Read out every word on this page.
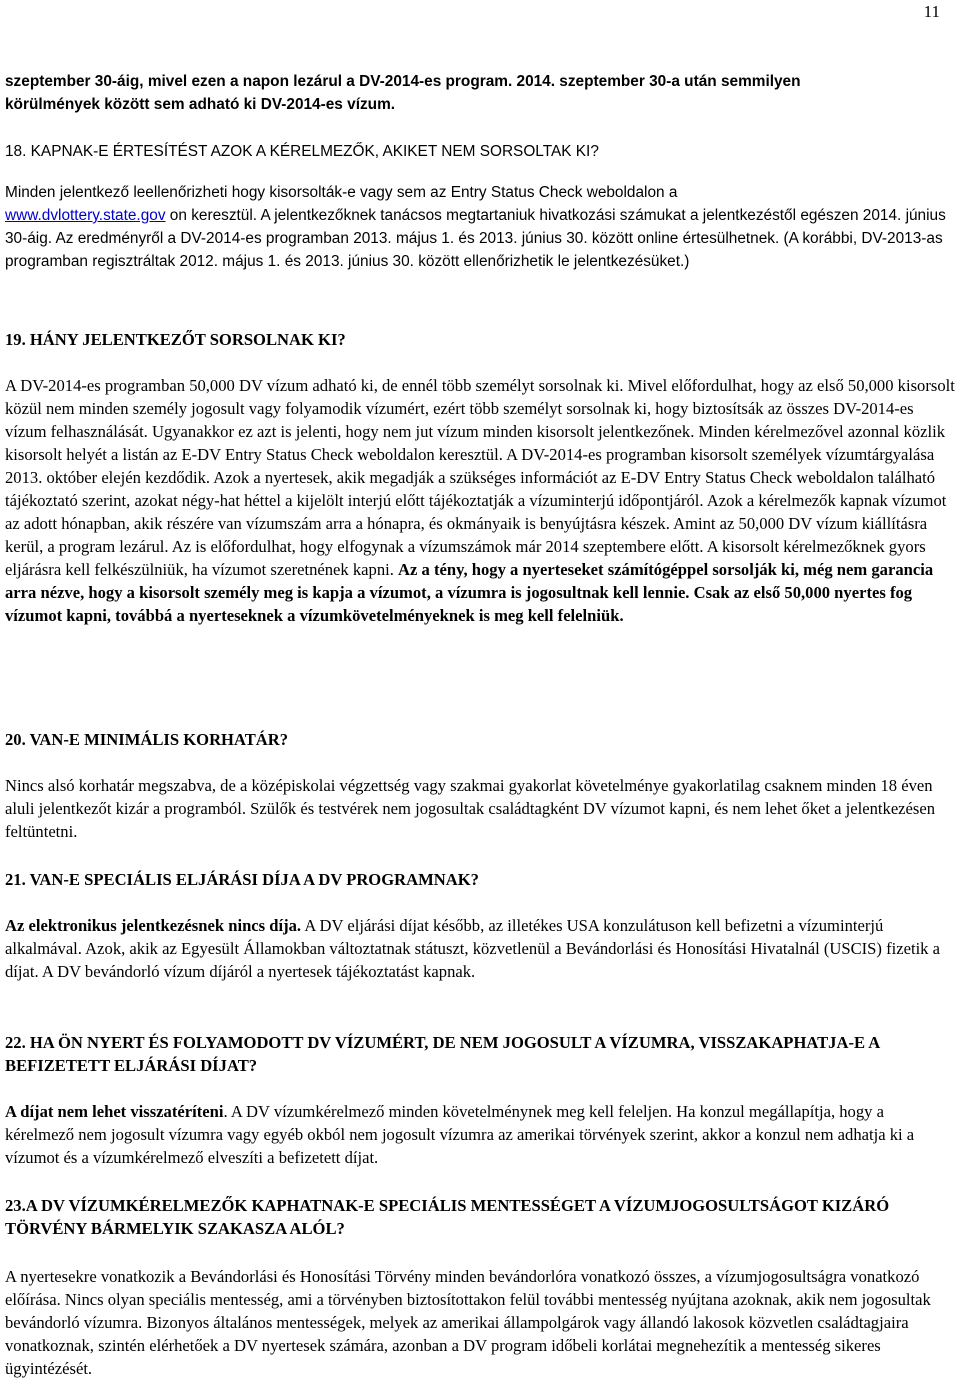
11

szeptember 30-áig, mivel ezen a napon lezárul a DV-2014-es program. 2014. szeptember 30-a után semmilyen

körülmények között sem adható ki DV-2014-es vízum.

18. KAPNAK-E ÉRTESÍTÉST AZOK A KÉRELMEZŐK, AKIKET NEM SORSOLTAK KI?

Minden jelentkező leellenőrizheti hogy kisorsolták-e vagy sem az Entry Status Check weboldalon a
www.dvlottery.state.gov on keresztül. A jelentkezőknek tanácsos megtartaniuk hivatkozási számukat a jelentkezéstől egészen 2014. június 30-áig. Az eredményről a DV-2014-es programban 2013. május 1. és 2013. június 30. között online értesülhetnek. (A korábbi, DV-2013-as programban regisztráltak 2012. május 1. és 2013. június 30. között ellenőrizhetik le jelentkezésüket.)

19. HÁNY JELENTKEZŐT SORSOLNAK KI?

A DV-2014-es programban 50,000 DV vízum adható ki, de ennél több személyt sorsolnak ki. Mivel előfordulhat, hogy az első 50,000 kisorsolt közül nem minden személy jogosult vagy folyamodik vízumért, ezért több személyt sorsolnak ki, hogy biztosítsák az összes DV-2014-es vízum felhasználását. Ugyanakkor ez azt is jelenti, hogy nem jut vízum minden kisorsolt jelentkezőnek. Minden kérelmezővel azonnal közlik kisorsolt helyét a listán az E-DV Entry Status Check weboldalon keresztül. A DV-2014-es programban kisorsolt személyek vízumtárgyalása 2013. október elején kezdődik. Azok a nyertesek, akik megadják a szükséges információt az E-DV Entry Status Check weboldalon található tájékoztató szerint, azokat négy-hat héttel a kijelölt interjú előtt tájékoztatják a vízuminterjú időpontjáról. Azok a kérelmezők kapnak vízumot az adott hónapban, akik részére van vízumszám arra a hónapra, és okmányaik is benyújtásra készek. Amint az 50,000 DV vízum kiállításra kerül, a program lezárul. Az is előfordulhat, hogy elfogynak a vízumszámok már 2014 szeptembere előtt. A kisorsolt kérelmezőknek gyors eljárásra kell felkészülniük, ha vízumot szeretnének kapni. Az a tény, hogy a nyerteseket számítógéppel sorsolják ki, még nem garancia arra nézve, hogy a kisorsolt személy meg is kapja a vízumot, a vízumra is jogosultnak kell lennie. Csak az első 50,000 nyertes fog vízumot kapni, továbbá a nyerteseknek a vízumkövetelményeknek is meg kell felelniük.

20. VAN-E MINIMÁLIS KORHATÁR?

Nincs alsó korhatár megszabva, de a középiskolai végzettség vagy szakmai gyakorlat követelménye gyakorlatilag csaknem minden 18 éven aluli jelentkezőt kizár a programból. Szülők és testvérek nem jogosultak családtagként DV vízumot kapni, és nem lehet őket a jelentkezésen feltüntetni.

21. VAN-E SPECIÁLIS ELJÁRÁSI DÍJA A DV PROGRAMNAK?

Az elektronikus jelentkezésnek nincs díja. A DV eljárási díjat később, az illetékes USA konzulátuson kell befizetni a vízuminterjú alkalmával. Azok, akik az Egyesült Államokban változtatnak státuszt, közvetlenül a Bevándorlási és Honosítási Hivatalnál (USCIS) fizetik a díjat. A DV bevándorló vízum díjáról a nyertesek tájékoztatást kapnak.

22. HA ÖN NYERT ÉS FOLYAMODOTT DV VÍZUMÉRT, DE NEM JOGOSULT A VÍZUMRA, VISSZAKAPHATJA-E A BEFIZETETT ELJÁRÁSI DÍJAT?

A díjat nem lehet visszatéríteni. A DV vízumkérelmező minden követelménynek meg kell feleljen. Ha konzul megállapítja, hogy a kérelmező nem jogosult vízumra vagy egyéb okból nem jogosult vízumra az amerikai törvények szerint, akkor a konzul nem adhatja ki a vízumot és a vízumkérelmező elveszíti a befizetett díjat.

23.A DV VÍZUMKÉRELMEZŐK KAPHATNAK-E SPECIÁLIS MENTESSÉGET A VÍZUMJOGOSULTSÁGOT KIZÁRÓ TÖRVÉNY BÁRMELYIK SZAKASZA ALÓL?

A nyertesekre vonatkozik a Bevándorlási és Honosítási Törvény minden bevándorlóra vonatkozó összes, a vízumjogosultságra vonatkozó előírása. Nincs olyan speciális mentesség, ami a törvényben biztosítottakon felül további mentesség nyújtana azoknak, akik nem jogosultak bevándorló vízumra. Bizonyos általános mentességek, melyek az amerikai állampolgárok vagy állandó lakosok közvetlen családtagjaira vonatkoznak, szintén elérhetőek a DV nyertesek számára, azonban a DV program időbeli korlátai megnehezítik a mentesség sikeres ügyintézését.
